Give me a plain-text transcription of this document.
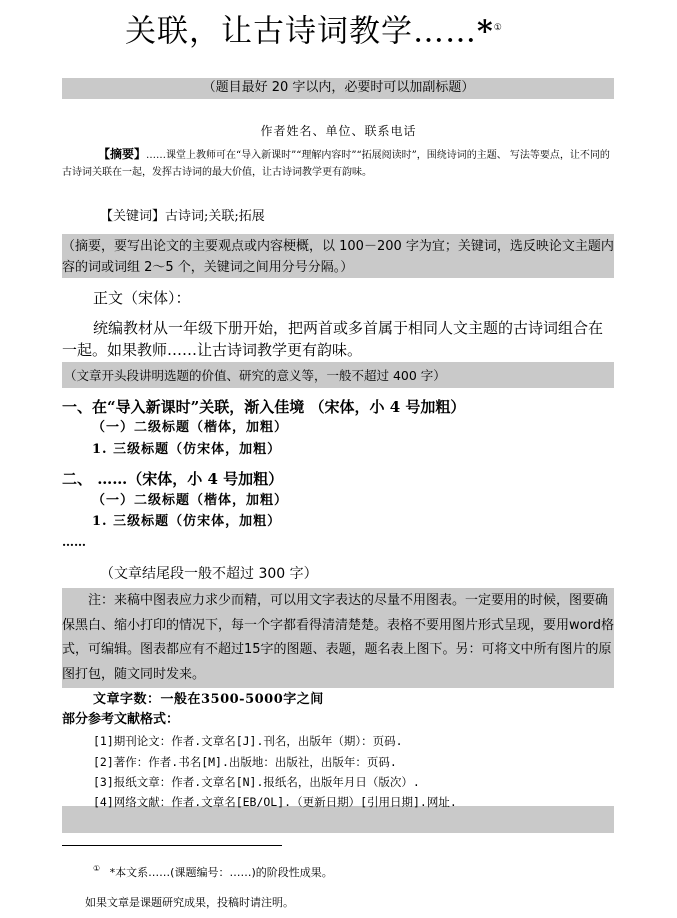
关联，让古诗词教学……*①
（题目最好 20 字以内，必要时可以加副标题）
作者姓名、单位、联系电话
【摘要】……课堂上教师可在“导入新课时”“理解内容时”“拓展阅读时”，围绕诗词的主题、 写法等要点，让不同的古诗词关联在一起，发挥古诗词的最大价值，让古诗词教学更有韵味。
【关键词】古诗词;关联;拓展
（摘要，要写出论文的主要观点或内容梗概，以 100－200 字为宜；关键词，选反映论文主题内容的词或词组 2～5 个，关键词之间用分号分隔。）
正文（宋体）：
统编教材从一年级下册开始，把两首或多首属于相同人文主题的古诗词组合在一起。如果教师……让古诗词教学更有韵味。
（文章开头段讲明选题的价值、研究的意义等，一般不超过 400 字）
一、在“导入新课时”关联，渐入佳境 （宋体，小 4 号加粗）
（一）二级标题（楷体，加粗）
1. 三级标题（仿宋体，加粗）
二、 ……（宋体，小 4 号加粗）
（一）二级标题（楷体，加粗）
1. 三级标题（仿宋体，加粗）
……
（文章结尾段一般不超过 300 字）
注：来稿中图表应力求少而精，可以用文字表达的尽量不用图表。一定要用的时候，图要确保黑白、缩小打印的情况下，每一个字都看得清清楚楚。表格不要用图片形式呈现，要用word格式，可编辑。图表都应有不超过15字的图题、表题，题名表上图下。另：可将文中所有图片的原图打包，随文同时发来。
文章字数：一般在3500-5000字之间
部分参考文献格式：
[1]期刊论文：作者.文章名[J].刊名，出版年（期）：页码.
[2]著作：作者.书名[M].出版地：出版社，出版年：页码.
[3]报纸文章：作者.文章名[N].报纸名，出版年月日（版次）.
[4]网络文献：作者.文章名[EB/OL].（更新日期）[引用日期].网址.
① *本文系……(课题编号：……)的阶段性成果。
如果文章是课题研究成果，投稿时请注明。
